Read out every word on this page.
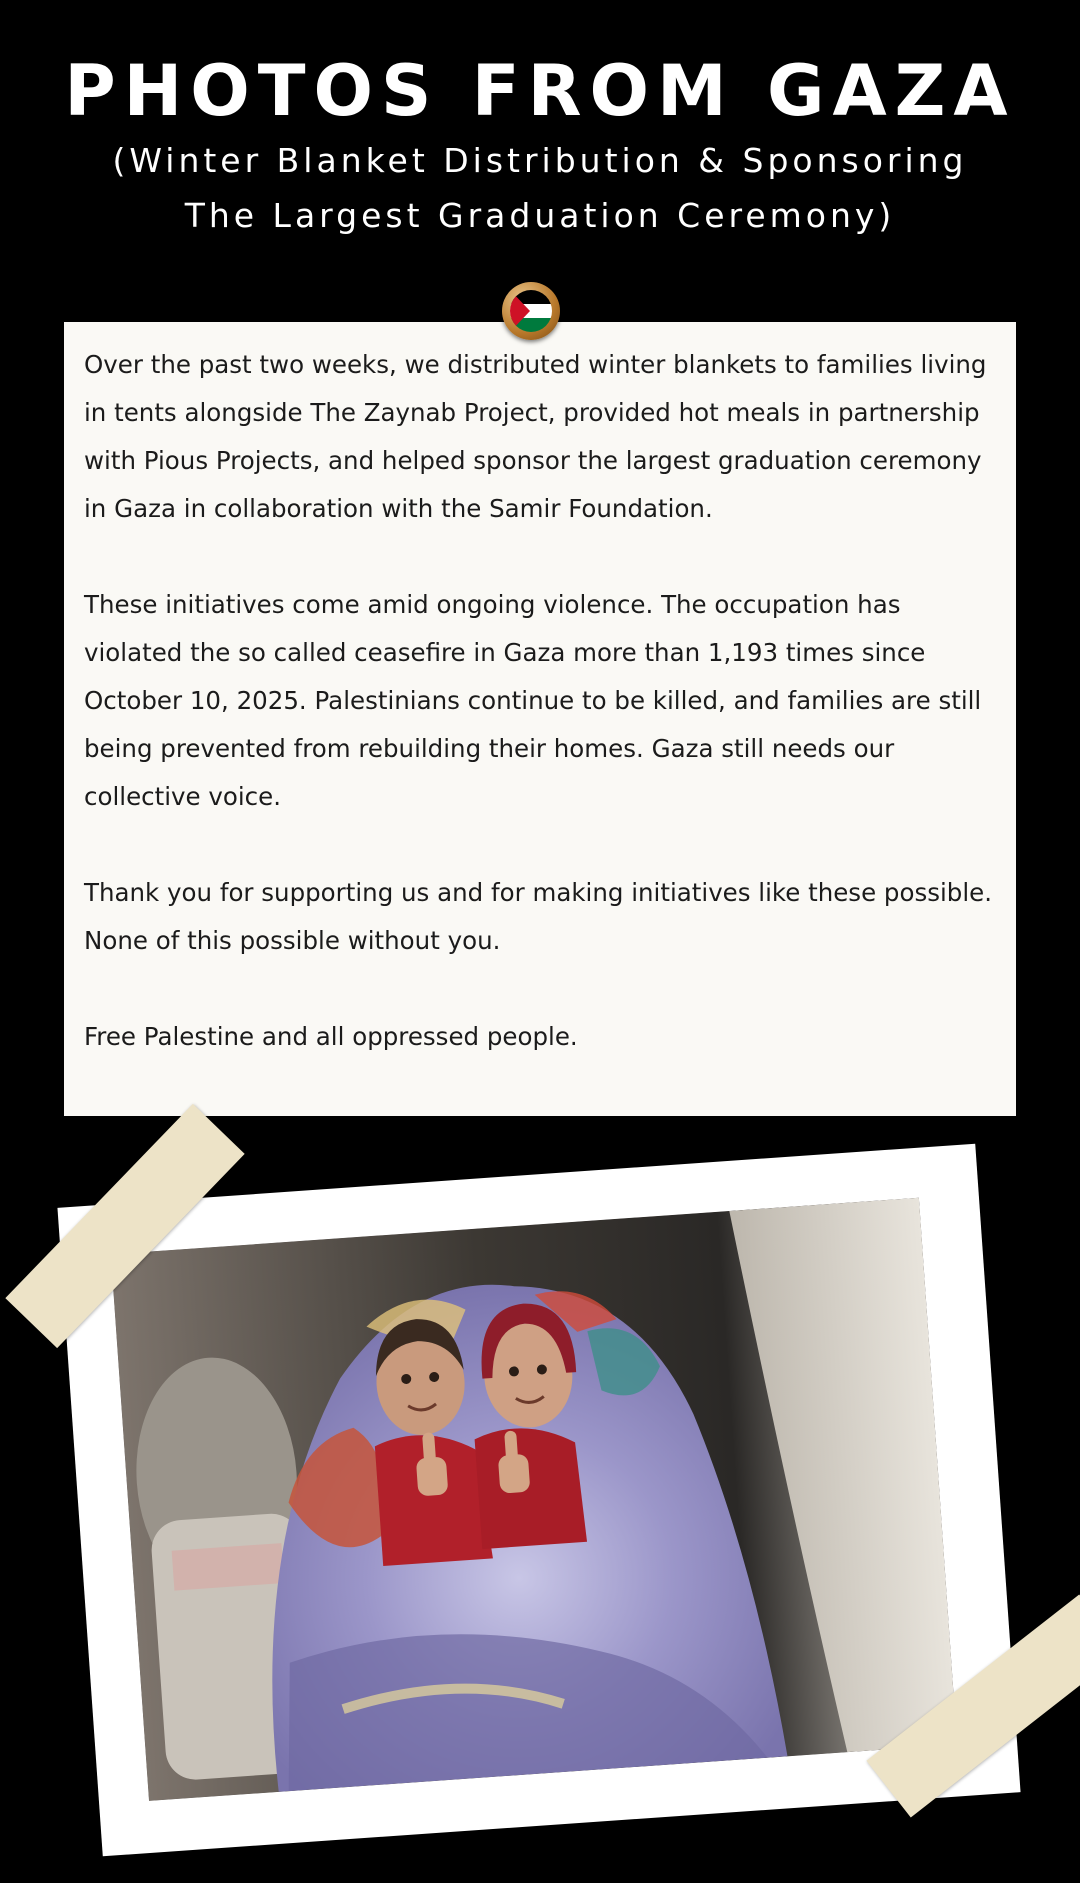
PHOTOS FROM GAZA
(Winter Blanket Distribution & Sponsoring
The Largest Graduation Ceremony)

Over the past two weeks, we distributed winter blankets to families living in tents alongside The Zaynab Project, provided hot meals in partnership with Pious Projects, and helped sponsor the largest graduation ceremony in Gaza in collaboration with the Samir Foundation.

These initiatives come amid ongoing violence. The occupation has violated the so called ceasefire in Gaza more than 1,193 times since October 10, 2025. Palestinians continue to be killed, and families are still being prevented from rebuilding their homes. Gaza still needs our collective voice.

Thank you for supporting us and for making initiatives like these possible. None of this possible without you.

Free Palestine and all oppressed people.
